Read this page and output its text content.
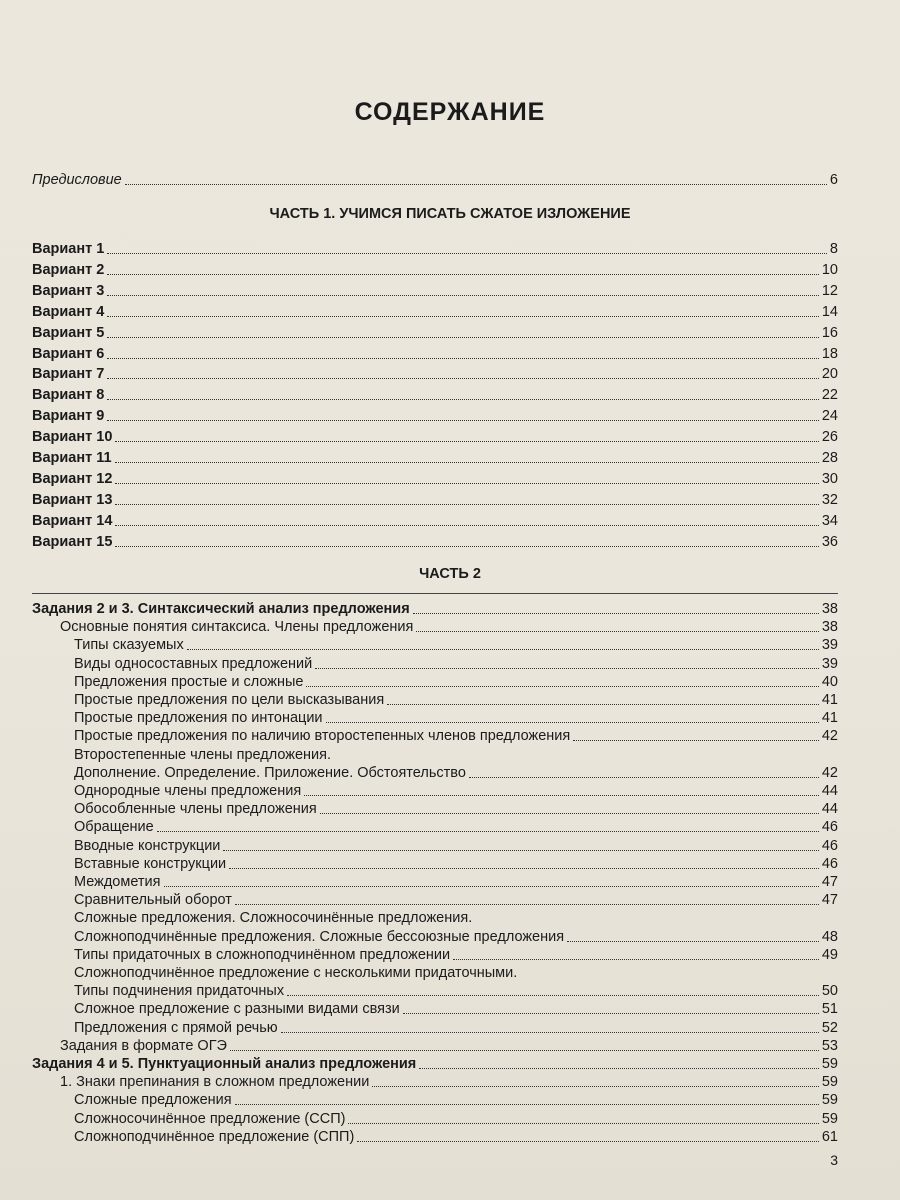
СОДЕРЖАНИЕ
Предисловие	6
ЧАСТЬ 1. УЧИМСЯ ПИСАТЬ СЖАТОЕ ИЗЛОЖЕНИЕ
Вариант 1	8
Вариант 2	10
Вариант 3	12
Вариант 4	14
Вариант 5	16
Вариант 6	18
Вариант 7	20
Вариант 8	22
Вариант 9	24
Вариант 10	26
Вариант 11	28
Вариант 12	30
Вариант 13	32
Вариант 14	34
Вариант 15	36
ЧАСТЬ 2
Задания 2 и 3. Синтаксический анализ предложения	38
Основные понятия синтаксиса. Члены предложения	38
Типы сказуемых	39
Виды односоставных предложений	39
Предложения простые и сложные	40
Простые предложения по цели высказывания	41
Простые предложения по интонации	41
Простые предложения по наличию второстепенных членов предложения	42
Второстепенные члены предложения.
Дополнение. Определение. Приложение. Обстоятельство	42
Однородные члены предложения	44
Обособленные члены предложения	44
Обращение	46
Вводные конструкции	46
Вставные конструкции	46
Междометия	47
Сравнительный оборот	47
Сложные предложения. Сложносочинённые предложения.
Сложноподчинённые предложения. Сложные бессоюзные предложения	48
Типы придаточных в сложноподчинённом предложении	49
Сложноподчинённое предложение с несколькими придаточными.
Типы подчинения придаточных	50
Сложное предложение с разными видами связи	51
Предложения с прямой речью	52
Задания в формате ОГЭ	53
Задания 4 и 5. Пунктуационный анализ предложения	59
1. Знаки препинания в сложном предложении	59
Сложные предложения	59
Сложносочинённое предложение (ССП)	59
Сложноподчинённое предложение (СПП)	61
3
